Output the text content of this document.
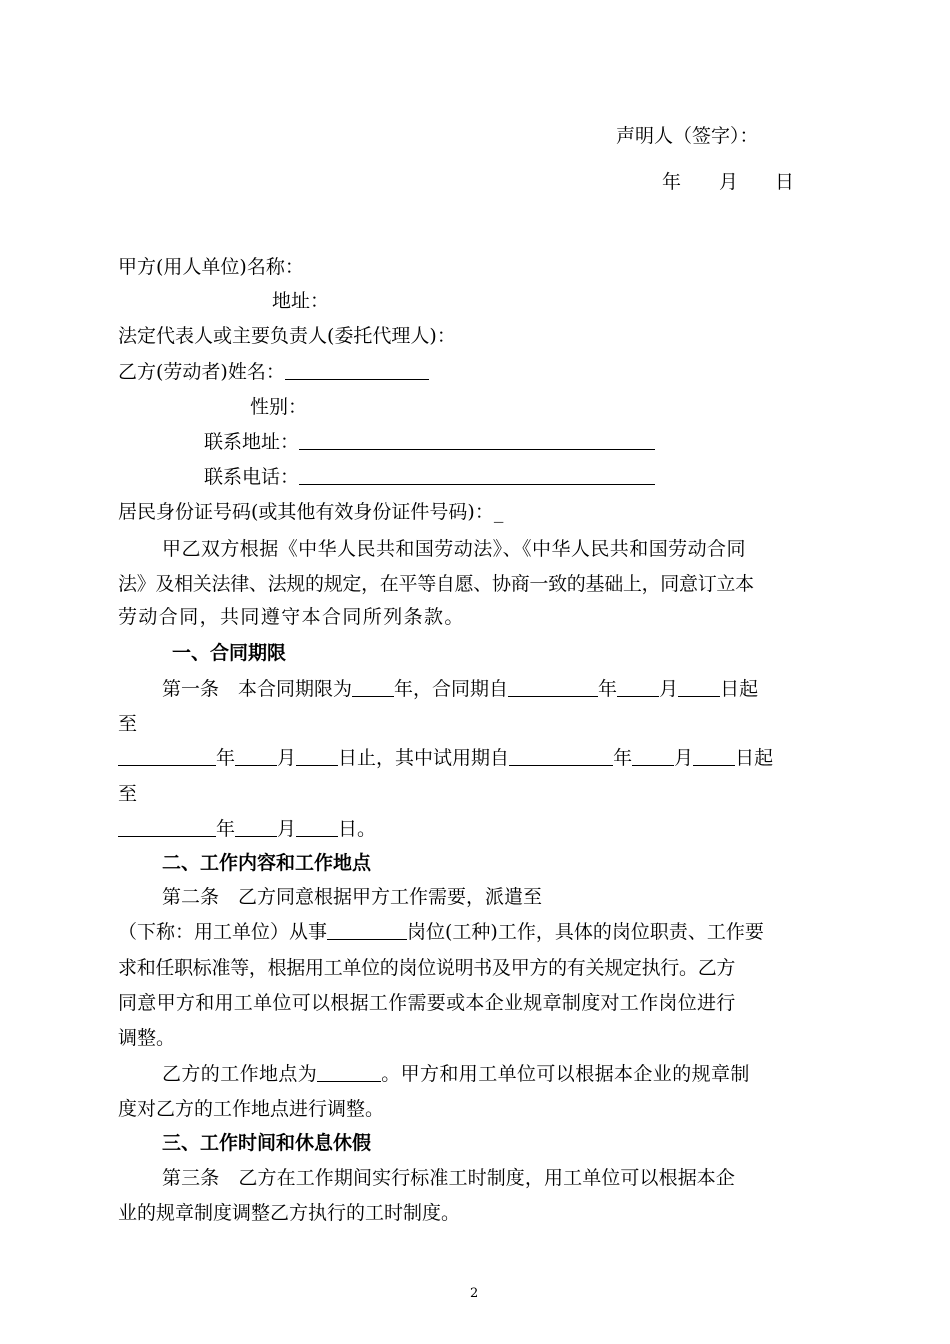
声明人（签字）：
年 月 日
甲方(用人单位)名称：
地址：
法定代表人或主要负责人(委托代理人)：
乙方(劳动者)姓名：
性别：
联系地址：
联系电话：
居民身份证号码(或其他有效身份证件号码)：_
甲乙双方根据《中华人民共和国劳动法》、《中华人民共和国劳动合同
法》及相关法律、法规的规定，在平等自愿、协商一致的基础上，同意订立本
劳动合同，共同遵守本合同所列条款。
一、合同期限
第一条　本合同期限为 年，合同期自	年 月 日起
至
年 月 日止，其中试用期自	年 月 日起
至
年 月 日。
二、工作内容和工作地点
第二条　乙方同意根据甲方工作需要，派遣至
（下称：用工单位）从事	岗位(工种)工作，具体的岗位职责、工作要
求和任职标准等，根据用工单位的岗位说明书及甲方的有关规定执行。乙方
同意甲方和用工单位可以根据工作需要或本企业规章制度对工作岗位进行
调整。
乙方的工作地点为	。甲方和用工单位可以根据本企业的规章制
度对乙方的工作地点进行调整。
三、工作时间和休息休假
第三条　乙方在工作期间实行标准工时制度，用工单位可以根据本企
业的规章制度调整乙方执行的工时制度。
2
